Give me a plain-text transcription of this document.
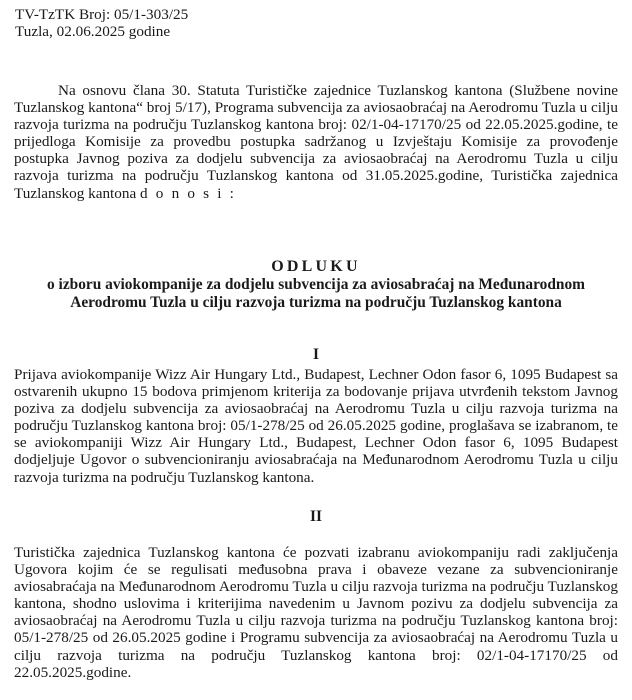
TV-TzTK Broj: 05/1-303/25
Tuzla, 02.06.2025 godine
Na osnovu člana 30. Statuta Turističke zajednice Tuzlanskog kantona (Službene novine Tuzlanskog kantona“ broj 5/17), Programa subvencija za aviosaobraćaj na Aerodromu Tuzla u cilju razvoja turizma na području Tuzlanskog kantona broj: 02/1-04-17170/25 od 22.05.2025.godine, te prijedloga Komisije za provedbu postupka sadržanog u Izvještaju Komisije za provođenje postupka Javnog poziva za dodjelu subvencija za aviosaobraćaj na Aerodromu Tuzla u cilju razvoja turizma na području Tuzlanskog kantona od 31.05.2025.godine, Turistička zajednica Tuzlanskog kantona d o n o s i :
ODLUKU
o izboru aviokompanije za dodjelu subvencija za aviosabraćaj na Međunarodnom Aerodromu Tuzla u cilju razvoja turizma na području Tuzlanskog kantona
I
Prijava aviokompanije Wizz Air Hungary Ltd., Budapest, Lechner Odon fasor 6, 1095 Budapest sa ostvarenih ukupno 15 bodova primjenom kriterija za bodovanje prijava utvrđenih tekstom Javnog poziva za dodjelu subvencija za aviosaobraćaj na Aerodromu Tuzla u cilju razvoja turizma na području Tuzlanskog kantona broj: 05/1-278/25 od 26.05.2025 godine, proglašava se izabranom, te se aviokompaniji Wizz Air Hungary Ltd., Budapest, Lechner Odon fasor 6, 1095 Budapest dodjeljuje Ugovor o subvencioniranju aviosabraćaja na Međunarodnom Aerodromu Tuzla u cilju razvoja turizma na području Tuzlanskog kantona.
II
Turistička zajednica Tuzlanskog kantona će pozvati izabranu aviokompaniju radi zaključenja Ugovora kojim će se regulisati međusobna prava i obaveze vezane za subvencioniranje aviosabraćaja na Međunarodnom Aerodromu Tuzla u cilju razvoja turizma na području Tuzlanskog kantona, shodno uslovima i kriterijima navedenim u Javnom pozivu za dodjelu subvencija za aviosaobraćaj na Aerodromu Tuzla u cilju razvoja turizma na području Tuzlanskog kantona broj: 05/1-278/25 od 26.05.2025 godine i Programu subvencija za aviosaobraćaj na Aerodromu Tuzla u cilju razvoja turizma na području Tuzlanskog kantona broj: 02/1-04-17170/25 od 22.05.2025.godine.
